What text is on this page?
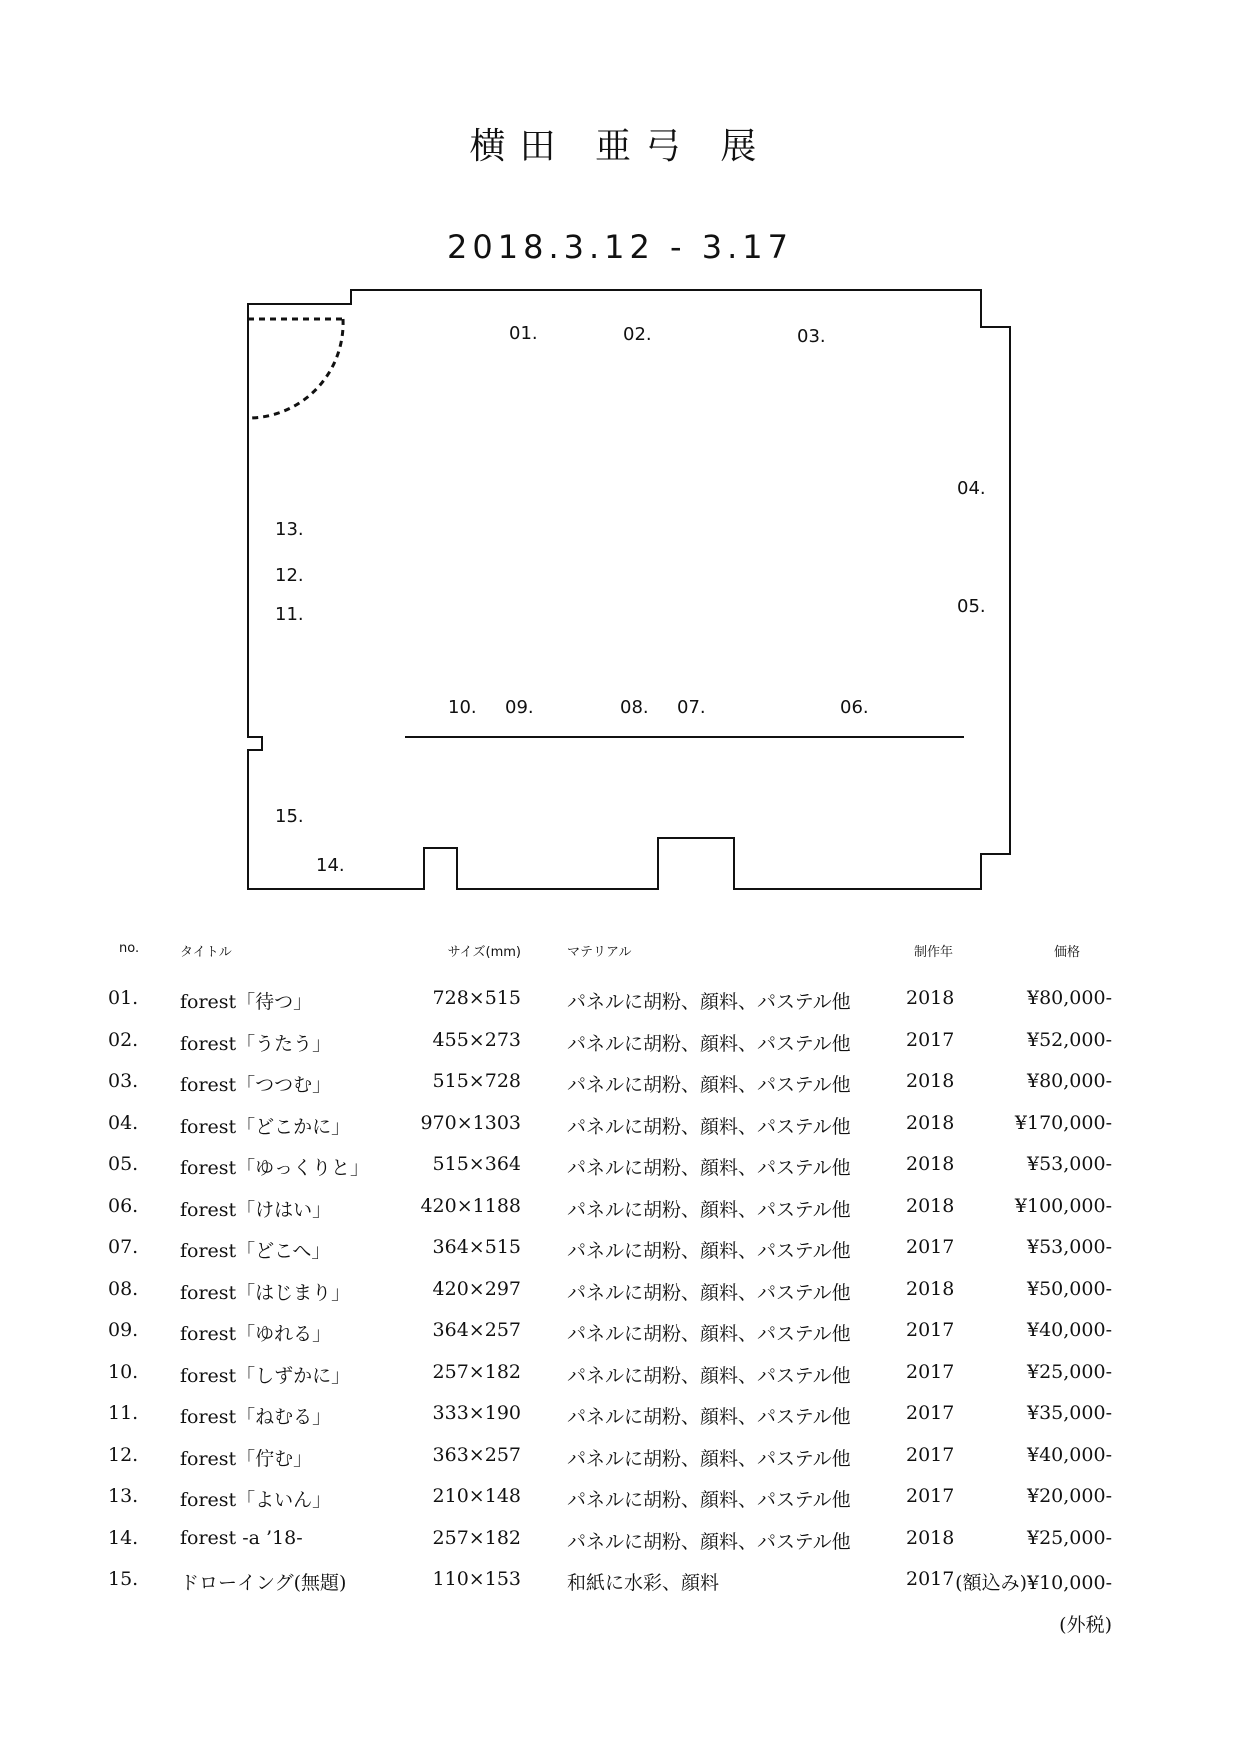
横田 亜弓 展
2018.3.12 - 3.17
01.	02.	03.
04.
05.
06.
07.
08.
09.
10.
11.
12.
13.
14.
15.
no.	タイトル	サイズ(mm)	マテリアル	制作年	価格
01. forest「待つ」	728×515 パネルに胡粉、顔料、パステル他	2018	¥80,000-
02. forest「うたう」	455×273 パネルに胡粉、顔料、パステル他	2017	¥52,000-
03. forest「つつむ」	515×728 パネルに胡粉、顔料、パステル他	2018	¥80,000-
04. forest「どこかに」	970×1303 パネルに胡粉、顔料、パステル他	2018	¥170,000-
05. forest「ゆっくりと」	515×364 パネルに胡粉、顔料、パステル他	2018	¥53,000-
06. forest「けはい」	420×1188 パネルに胡粉、顔料、パステル他	2018	¥100,000-
07. forest「どこへ」	364×515 パネルに胡粉、顔料、パステル他	2017	¥53,000-
08. forest「はじまり」	420×297 パネルに胡粉、顔料、パステル他	2018	¥50,000-
09. forest「ゆれる」	364×257 パネルに胡粉、顔料、パステル他	2017	¥40,000-
10. forest「しずかに」	257×182 パネルに胡粉、顔料、パステル他	2017	¥25,000-
11. forest「ねむる」	333×190 パネルに胡粉、顔料、パステル他	2017	¥35,000-
12. forest「佇む」	363×257 パネルに胡粉、顔料、パステル他	2017	¥40,000-
13. forest「よいん」	210×148 パネルに胡粉、顔料、パステル他	2017	¥20,000-
14. forest -a ’18-	257×182 パネルに胡粉、顔料、パステル他	2018	¥25,000-
15. ドローイング(無題)	110×153 和紙に水彩、顔料	2017 (額込み)¥10,000-
(外税)
